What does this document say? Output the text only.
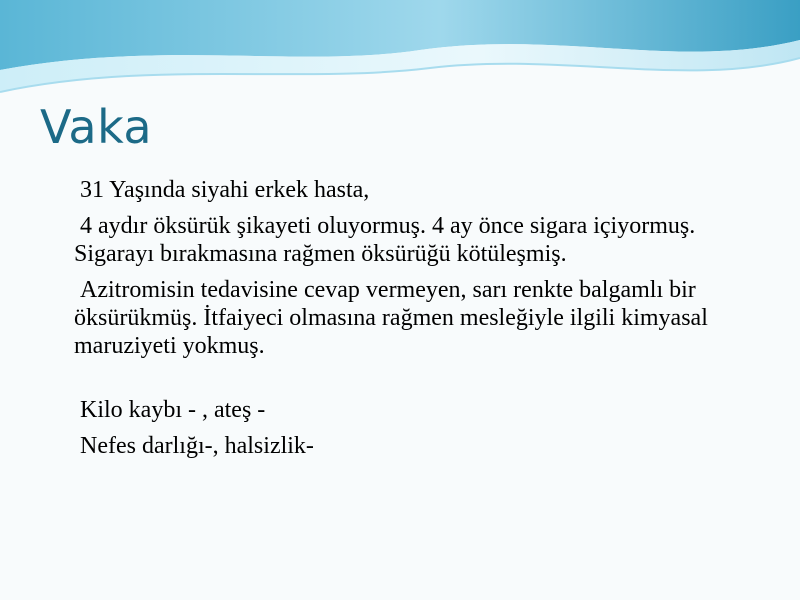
Vaka

31 Yaşında siyahi erkek hasta,

4 aydır öksürük şikayeti oluyormuş. 4 ay önce sigara içiyormuş. Sigarayı bırakmasına rağmen öksürüğü kötüleşmiş.

Azitromisin tedavisine cevap vermeyen, sarı renkte balgamlı bir öksürükmüş. İtfaiyeci olmasına rağmen mesleğiyle ilgili kimyasal maruziyeti yokmuş.

Kilo kaybı - , ateş -

Nefes darlığı-, halsizlik-
